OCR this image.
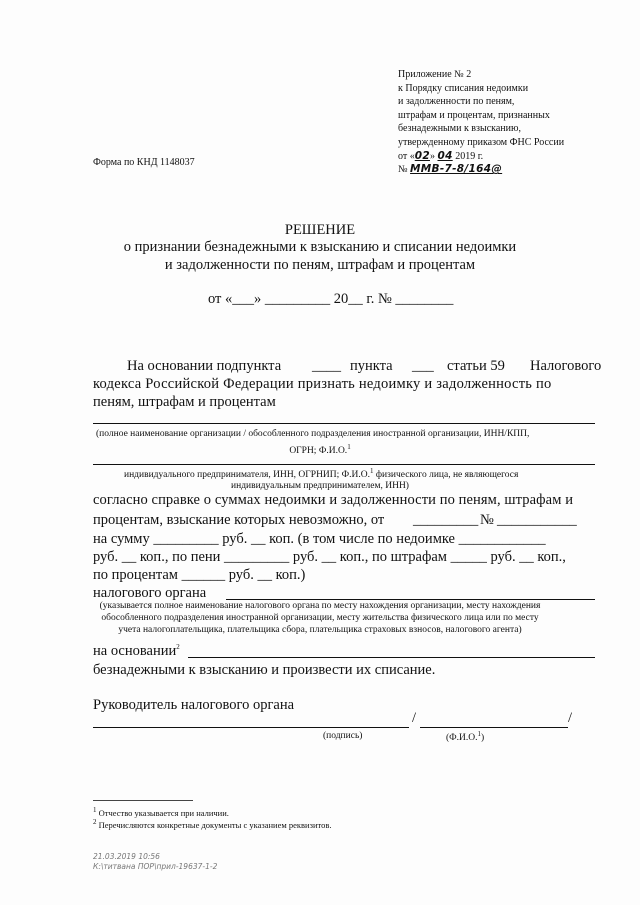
Приложение № 2
к Порядку списания недоимки
и задолженности по пеням,
штрафам и процентам, признанных
безнадежными к взысканию,
утвержденному приказом ФНС России
от «02» 04 2019 г.
№ ММВ-7-8/164@
Форма по КНД 1148037
РЕШЕНИЕ
о признании безнадежными к взысканию и списании недоимки
и задолженности по пеням, штрафам и процентам
от «___» _________ 20__ г. № ________
На основании подпункта ____ пункта ___ статьи 59 Налогового
кодекса Российской Федерации признать недоимку и задолженность по
пеням, штрафам и процентам
(полное наименование организации / обособленного подразделения иностранной организации, ИНН/КПП,
ОГРН; Ф.И.О.$^1$
индивидуального предпринимателя, ИНН, ОГРНИП; Ф.И.О.$^1$ физического лица, не являющегося
индивидуальным предпринимателем, ИНН)
согласно справке о суммах недоимки и задолженности по пеням, штрафам и
процентам, взыскание которых невозможно, от _________ № ___________
на сумму _________ руб. __ коп. (в том числе по недоимке ____________
руб. __ коп., по пени _________ руб. __ коп., по штрафам _____ руб. __ коп.,
по процентам ______ руб. __ коп.)
налогового органа
(указывается полное наименование налогового органа по месту нахождения организации, месту нахождения
обособленного подразделения иностранной организации, месту жительства физического лица или по месту
учета налогоплательщика, плательщика сбора, плательщика страховых взносов, налогового агента)
на основании$^2$
безнадежными к взысканию и произвести их списание.
Руководитель налогового органа
/	/
(подпись)	(Ф.И.О.$^1$)
$^1$ Отчество указывается при наличии.
$^2$ Перечисляются конкретные документы с указанием реквизитов.
21.03.2019 10:56
К:\титвана ПОР\прил-19637-1-2
